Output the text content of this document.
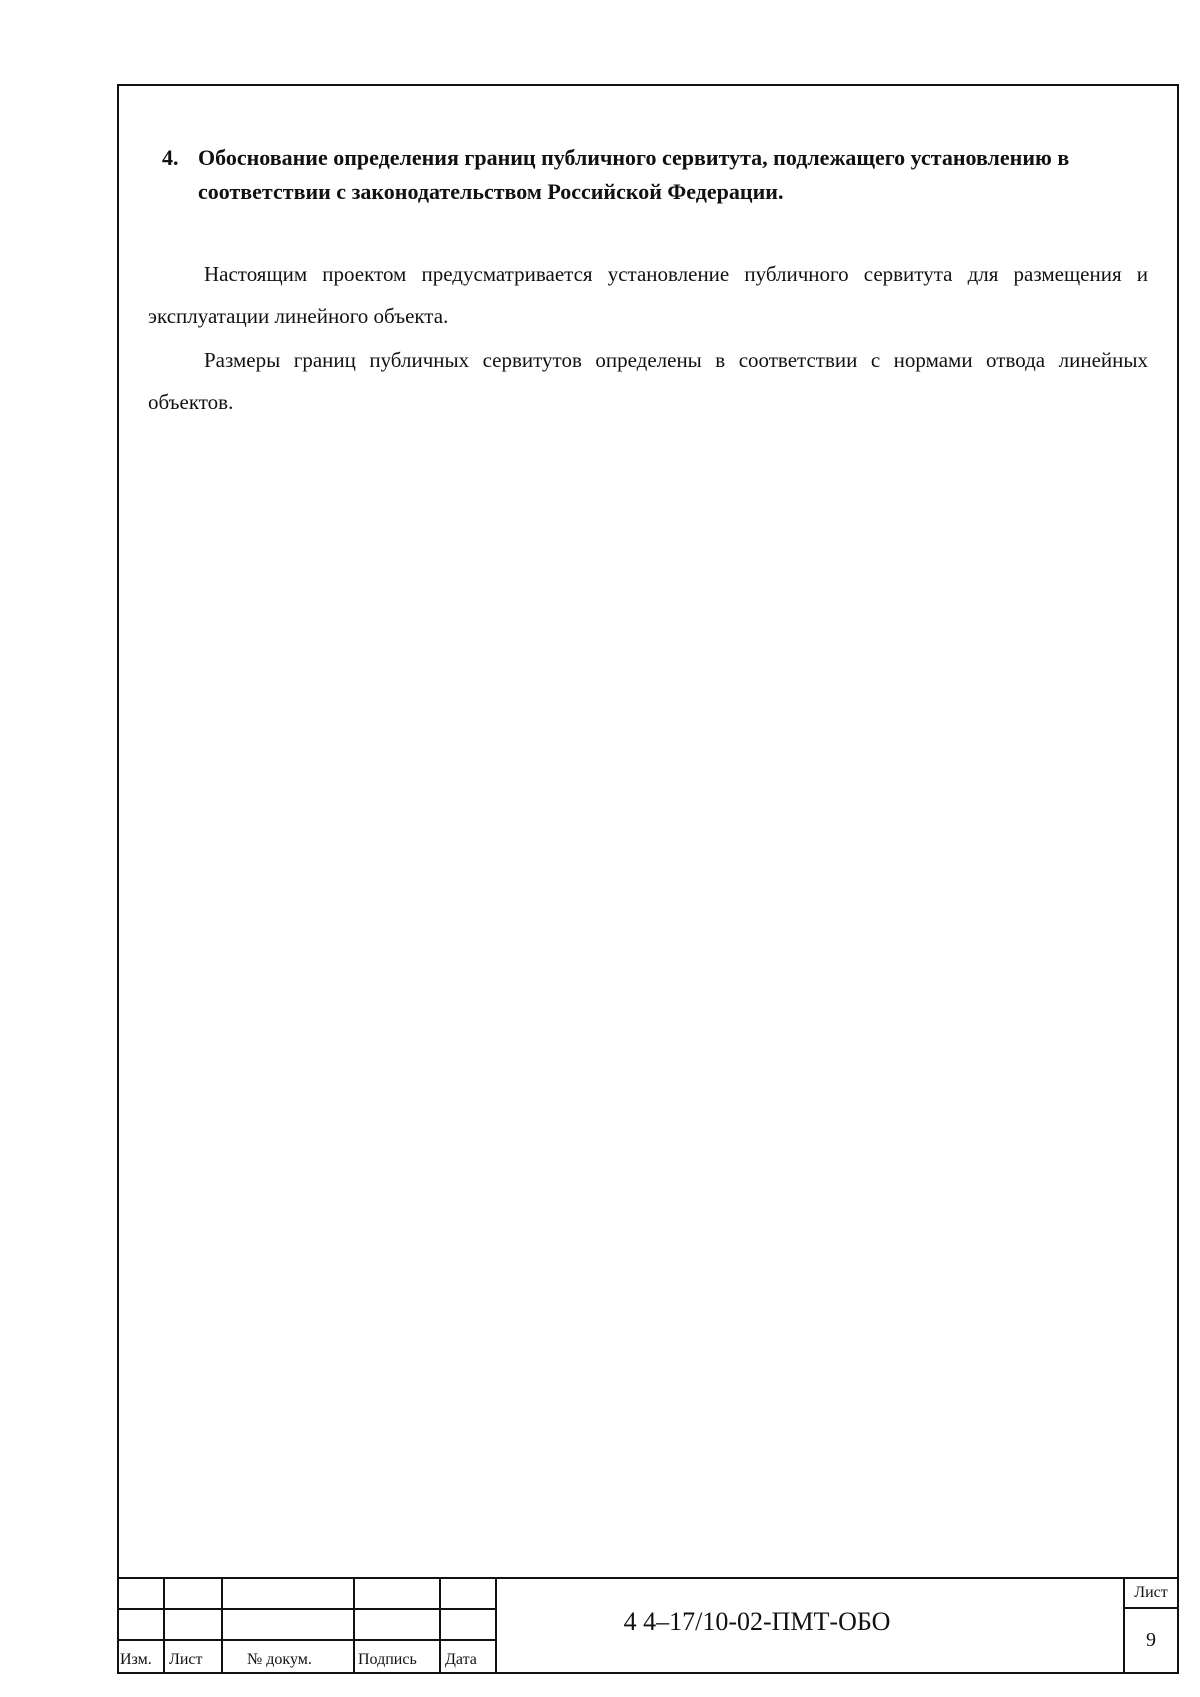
4. Обоснование определения границ публичного сервитута, подлежащего установлению в соответствии с законодательством Российской Федерации.
Настоящим проектом предусматривается установление публичного сервитута для размещения и эксплуатации линейного объекта.
Размеры границ публичных сервитутов определены в соответствии с нормами отвода линейных объектов.
Изм. Лист	№ докум.	Подпись Дата
4 4–17/10-02-ПМТ-ОБО
Лист
9
